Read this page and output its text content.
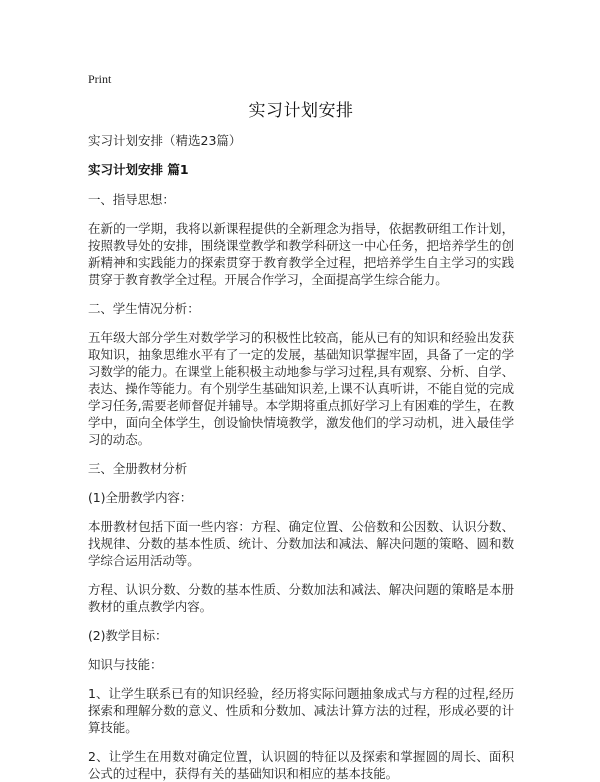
Print

实习计划安排

实习计划安排（精选23篇）

实习计划安排 篇1

一、指导思想：

在新的一学期，我将以新课程提供的全新理念为指导，依据教研组工作计划，按照教导处的安排，围绕课堂教学和教学科研这一中心任务，把培养学生的创新精神和实践能力的探索贯穿于教育教学全过程，把培养学生自主学习的实践贯穿于教育教学全过程。开展合作学习，全面提高学生综合能力。

二、学生情况分析：

五年级大部分学生对数学学习的积极性比较高，能从已有的知识和经验出发获取知识，抽象思维水平有了一定的发展，基础知识掌握牢固，具备了一定的学习数学的能力。在课堂上能积极主动地参与学习过程,具有观察、分析、自学、表达、操作等能力。有个别学生基础知识差,上课不认真听讲，不能自觉的完成学习任务,需要老师督促并辅导。本学期将重点抓好学习上有困难的学生，在教学中，面向全体学生，创设愉快情境教学，激发他们的学习动机，进入最佳学习的动态。

三、全册教材分析

(1)全册教学内容：

本册教材包括下面一些内容：方程、确定位置、公倍数和公因数、认识分数、找规律、分数的基本性质、统计、分数加法和减法、解决问题的策略、圆和数学综合运用活动等。

方程、认识分数、分数的基本性质、分数加法和减法、解决问题的策略是本册教材的重点教学内容。

(2)教学目标：

知识与技能：

1、让学生联系已有的知识经验，经历将实际问题抽象成式与方程的过程,经历探索和理解分数的意义、性质和分数加、减法计算方法的过程，形成必要的计算技能。

2、让学生在用数对确定位置，认识圆的特征以及探索和掌握圆的周长、面积公式的过程中，获得有关的基础知识和相应的基本技能。
